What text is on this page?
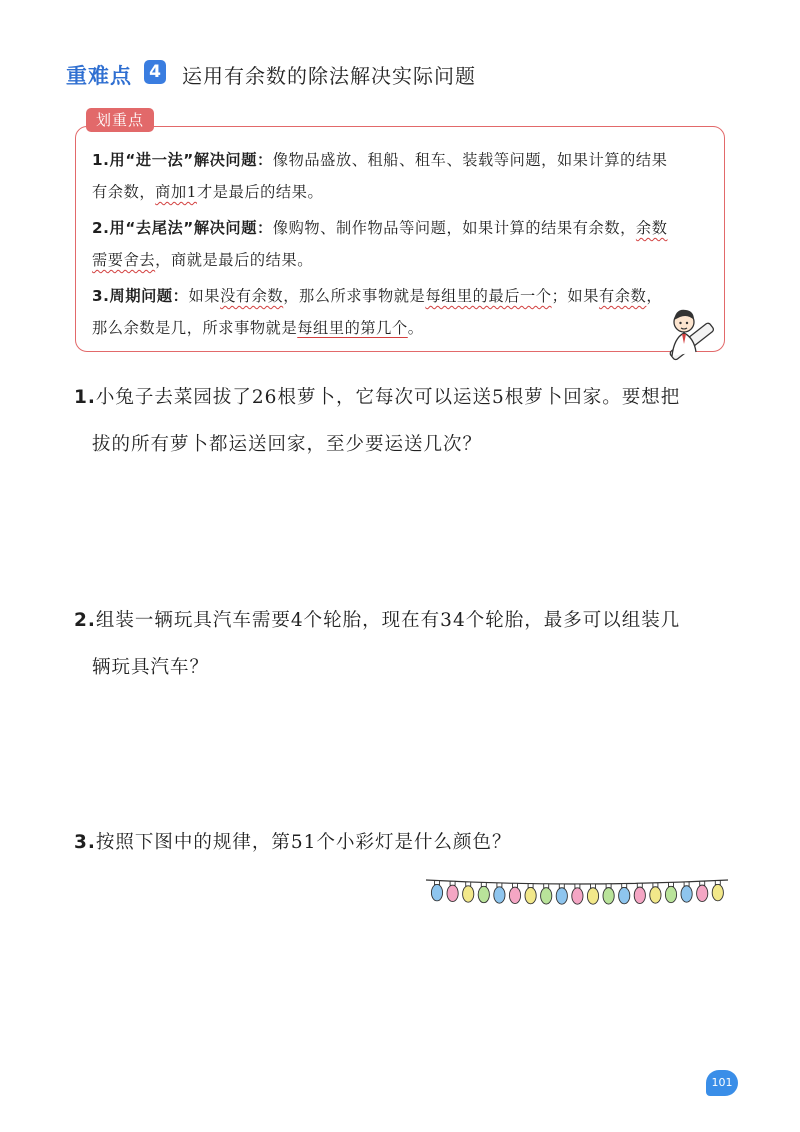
重难点 4 运用有余数的除法解决实际问题
划重点
1.用“进一法”解决问题：像物品盛放、租船、租车、装载等问题，如果计算的结果
有余数，商加1才是最后的结果。
2.用“去尾法”解决问题：像购物、制作物品等问题，如果计算的结果有余数，余数
需要舍去，商就是最后的结果。
3.周期问题：如果没有余数，那么所求事物就是每组里的最后一个；如果有余数，
那么余数是几，所求事物就是每组里的第几个。
1.小兔子去菜园拔了26根萝卜，它每次可以运送5根萝卜回家。要想把
拔的所有萝卜都运送回家，至少要运送几次？
2.组装一辆玩具汽车需要4个轮胎，现在有34个轮胎，最多可以组装几
辆玩具汽车？
3.按照下图中的规律，第51个小彩灯是什么颜色？
101
